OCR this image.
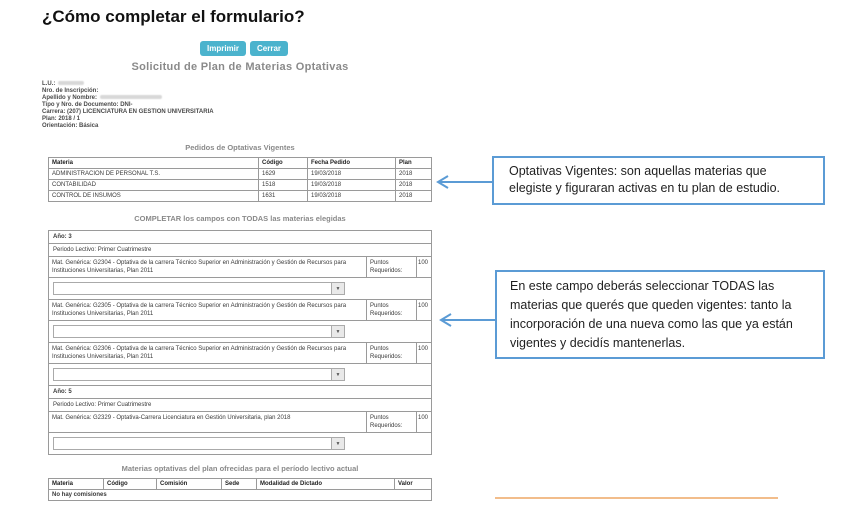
¿Cómo completar el formulario?
Imprimir	Cerrar
Solicitud de Plan de Materias Optativas
L.U.:
Nro. de Inscripción:
Apellido y Nombre:
Tipo y Nro. de Documento: DNI-
Carrera: (207) LICENCIATURA EN GESTION UNIVERSITARIA
Plan: 2018 / 1
Orientación: Básica
Pedidos de Optativas Vigentes
Materia	Código	Fecha Pedido	Plan
ADMINISTRACION DE PERSONAL T.S.	1629	19/03/2018	2018
CONTABILIDAD	1518	19/03/2018	2018
CONTROL DE INSUMOS	1631	19/03/2018	2018
COMPLETAR los campos con TODAS las materias elegidas
Año: 3		
Periodo Lectivo: Primer Cuatrimestre		
Mat. Genérica: G2304 - Optativa de la carrera Técnico Superior en Administración y Gestión de Recursos para Instituciones Universitarias, Plan 2011	Puntos Requeridos:	100

▼		

Mat. Genérica: G2305 - Optativa de la carrera Técnico Superior en Administración y Gestión de Recursos para Instituciones Universitarias, Plan 2011	Puntos Requeridos:	100

▼		

Mat. Genérica: G2306 - Optativa de la carrera Técnico Superior en Administración y Gestión de Recursos para Instituciones Universitarias, Plan 2011	Puntos Requeridos:	100

▼		

Año: 5		
Periodo Lectivo: Primer Cuatrimestre		
Mat. Genérica: G2329 - Optativa-Carrera Licenciatura en Gestión Universitaria, plan 2018	Puntos Requeridos:	100

▼		
Materias optativas del plan ofrecidas para el período lectivo actual
Materia	Código	Comisión	Sede	Modalidad de Dictado	Valor
No hay comisiones
Optativas Vigentes: son aquellas materias que elegiste y figuraran activas en tu plan de estudio.
En este campo deberás seleccionar TODAS las materias que querés que queden vigentes: tanto la incorporación de una nueva como las que ya están vigentes y decidís mantenerlas.
